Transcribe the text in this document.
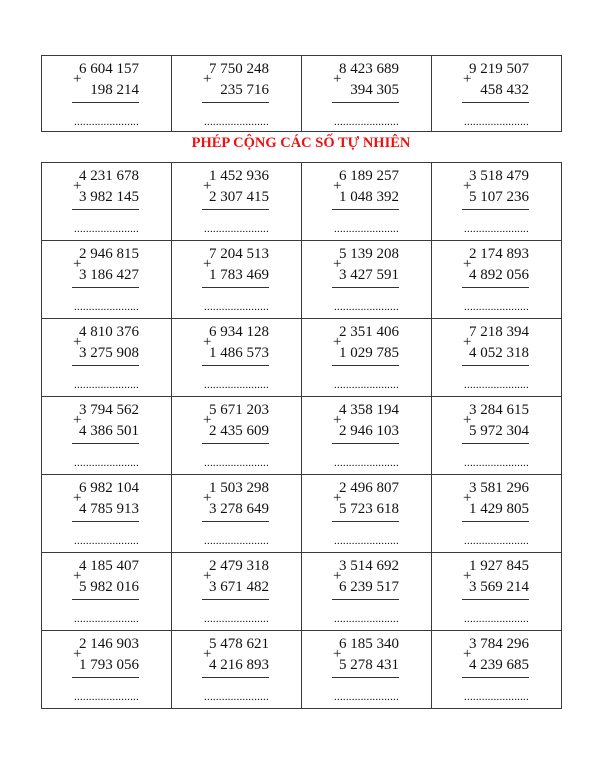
6 604 157
+
198 214
......................

7 750 248
+
235 716
......................

8 423 689
+
394 305
......................

9 219 507
+
458 432
......................
PHÉP CỘNG CÁC SỐ TỰ NHIÊN
4 231 678
+
3 982 145
......................	1 452 936
+
2 307 415
......................	6 189 257
+
1 048 392
......................	3 518 479
+
5 107 236
......................

2 946 815
+
3 186 427
......................	7 204 513
+
1 783 469
......................	5 139 208
+
3 427 591
......................	2 174 893
+
4 892 056
......................

4 810 376
+
3 275 908
......................	6 934 128
+
1 486 573
......................	2 351 406
+
1 029 785
......................	7 218 394
+
4 052 318
......................

3 794 562
+
4 386 501
......................	5 671 203
+
2 435 609
......................	4 358 194
+
2 946 103
......................	3 284 615
+
5 972 304
......................

6 982 104
+
4 785 913
......................	1 503 298
+
3 278 649
......................	2 496 807
+
5 723 618
......................	3 581 296
+
1 429 805
......................

4 185 407
+
5 982 016
......................	2 479 318
+
3 671 482
......................	3 514 692
+
6 239 517
......................	1 927 845
+
3 569 214
......................

2 146 903
+
1 793 056
......................	5 478 621
+
4 216 893
......................	6 185 340
+
5 278 431
......................	3 784 296
+
4 239 685
......................
